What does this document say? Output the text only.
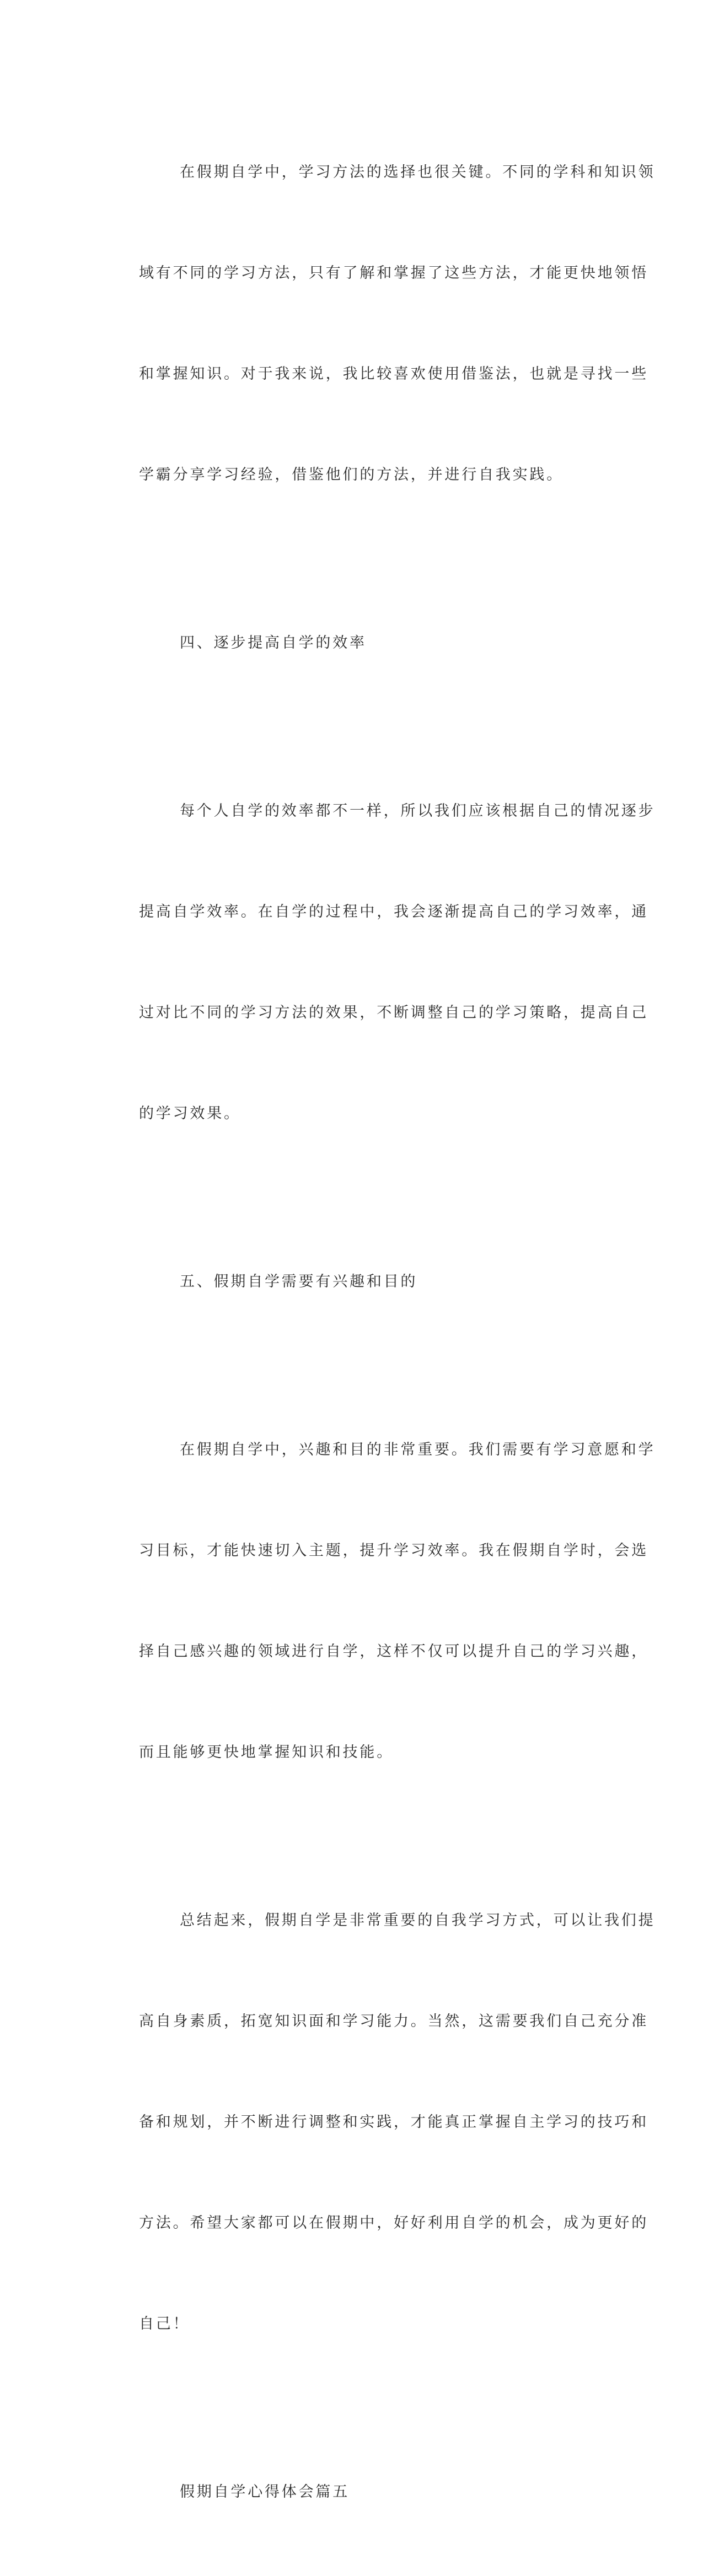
在假期自学中，学习方法的选择也很关键。不同的学科和知识领

域有不同的学习方法，只有了解和掌握了这些方法，才能更快地领悟

和掌握知识。对于我来说，我比较喜欢使用借鉴法，也就是寻找一些

学霸分享学习经验，借鉴他们的方法，并进行自我实践。

四、逐步提高自学的效率

每个人自学的效率都不一样，所以我们应该根据自己的情况逐步

提高自学效率。在自学的过程中，我会逐渐提高自己的学习效率，通

过对比不同的学习方法的效果，不断调整自己的学习策略，提高自己

的学习效果。

五、假期自学需要有兴趣和目的

在假期自学中，兴趣和目的非常重要。我们需要有学习意愿和学

习目标，才能快速切入主题，提升学习效率。我在假期自学时，会选

择自己感兴趣的领域进行自学，这样不仅可以提升自己的学习兴趣，

而且能够更快地掌握知识和技能。

总结起来，假期自学是非常重要的自我学习方式，可以让我们提

高自身素质，拓宽知识面和学习能力。当然，这需要我们自己充分准

备和规划，并不断进行调整和实践，才能真正掌握自主学习的技巧和

方法。希望大家都可以在假期中，好好利用自学的机会，成为更好的

自己！

假期自学心得体会篇五
